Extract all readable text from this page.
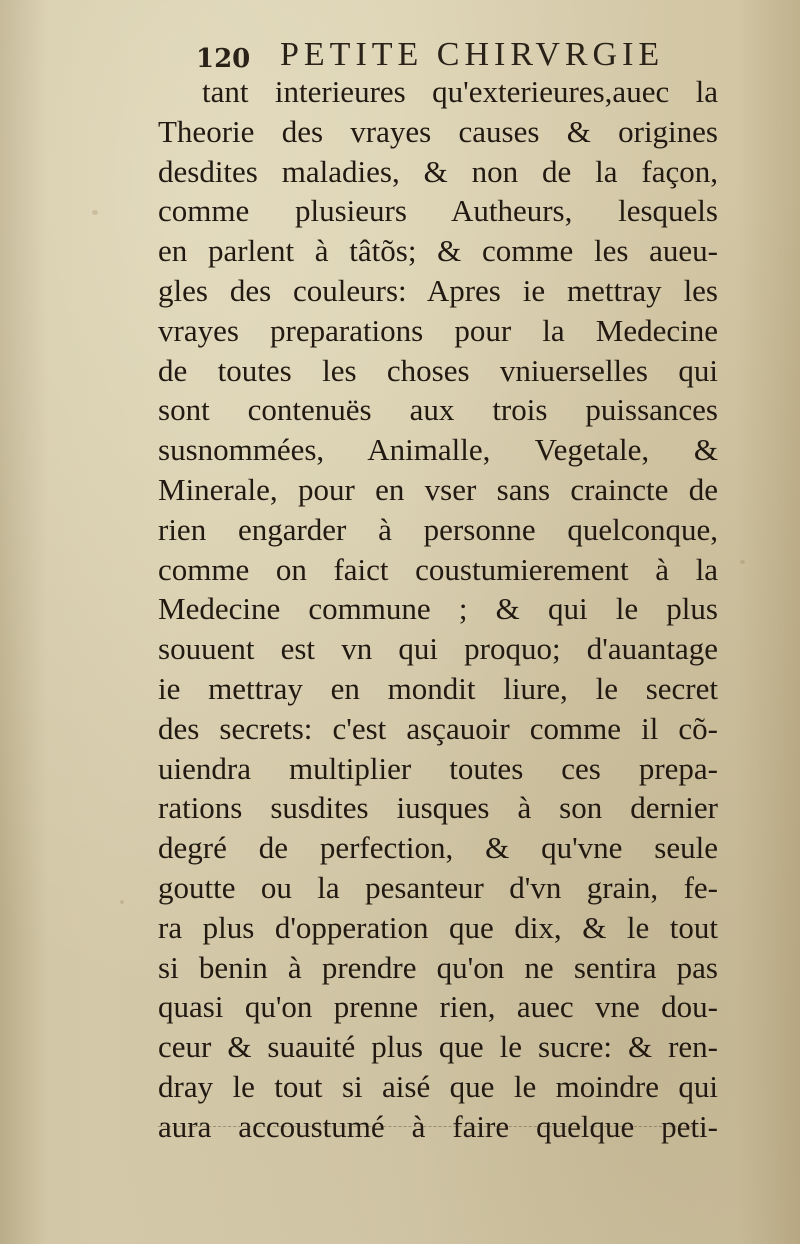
120 PETITE CHIRVRGIE
tant interieures qu'exterieures,auec la
Theorie des vrayes causes & origines
desdites maladies, & non de la façon,
comme plusieurs Autheurs, lesquels
en parlent à tâtõs; & comme les aueu-
gles des couleurs: Apres ie mettray les
vrayes preparations pour la Medecine
de toutes les choses vniuerselles qui
sont contenuës aux trois puissances
susnommées, Animalle, Vegetale, &
Minerale, pour en vser sans craincte de
rien engarder à personne quelconque,
comme on faict coustumierement à la
Medecine commune ; & qui le plus
souuent est vn qui proquo; d'auantage
ie mettray en mondit liure, le secret
des secrets: c'est asçauoir comme il cõ-
uiendra multiplier toutes ces prepa-
rations susdites iusques à son dernier
degré de perfection, & qu'vne seule
goutte ou la pesanteur d'vn grain, fe-
ra plus d'opperation que dix, & le tout
si benin à prendre qu'on ne sentira pas
quasi qu'on prenne rien, auec vne dou-
ceur & suauité plus que le sucre: & ren-
dray le tout si aisé que le moindre qui
aura accoustumé à faire quelque peti-
